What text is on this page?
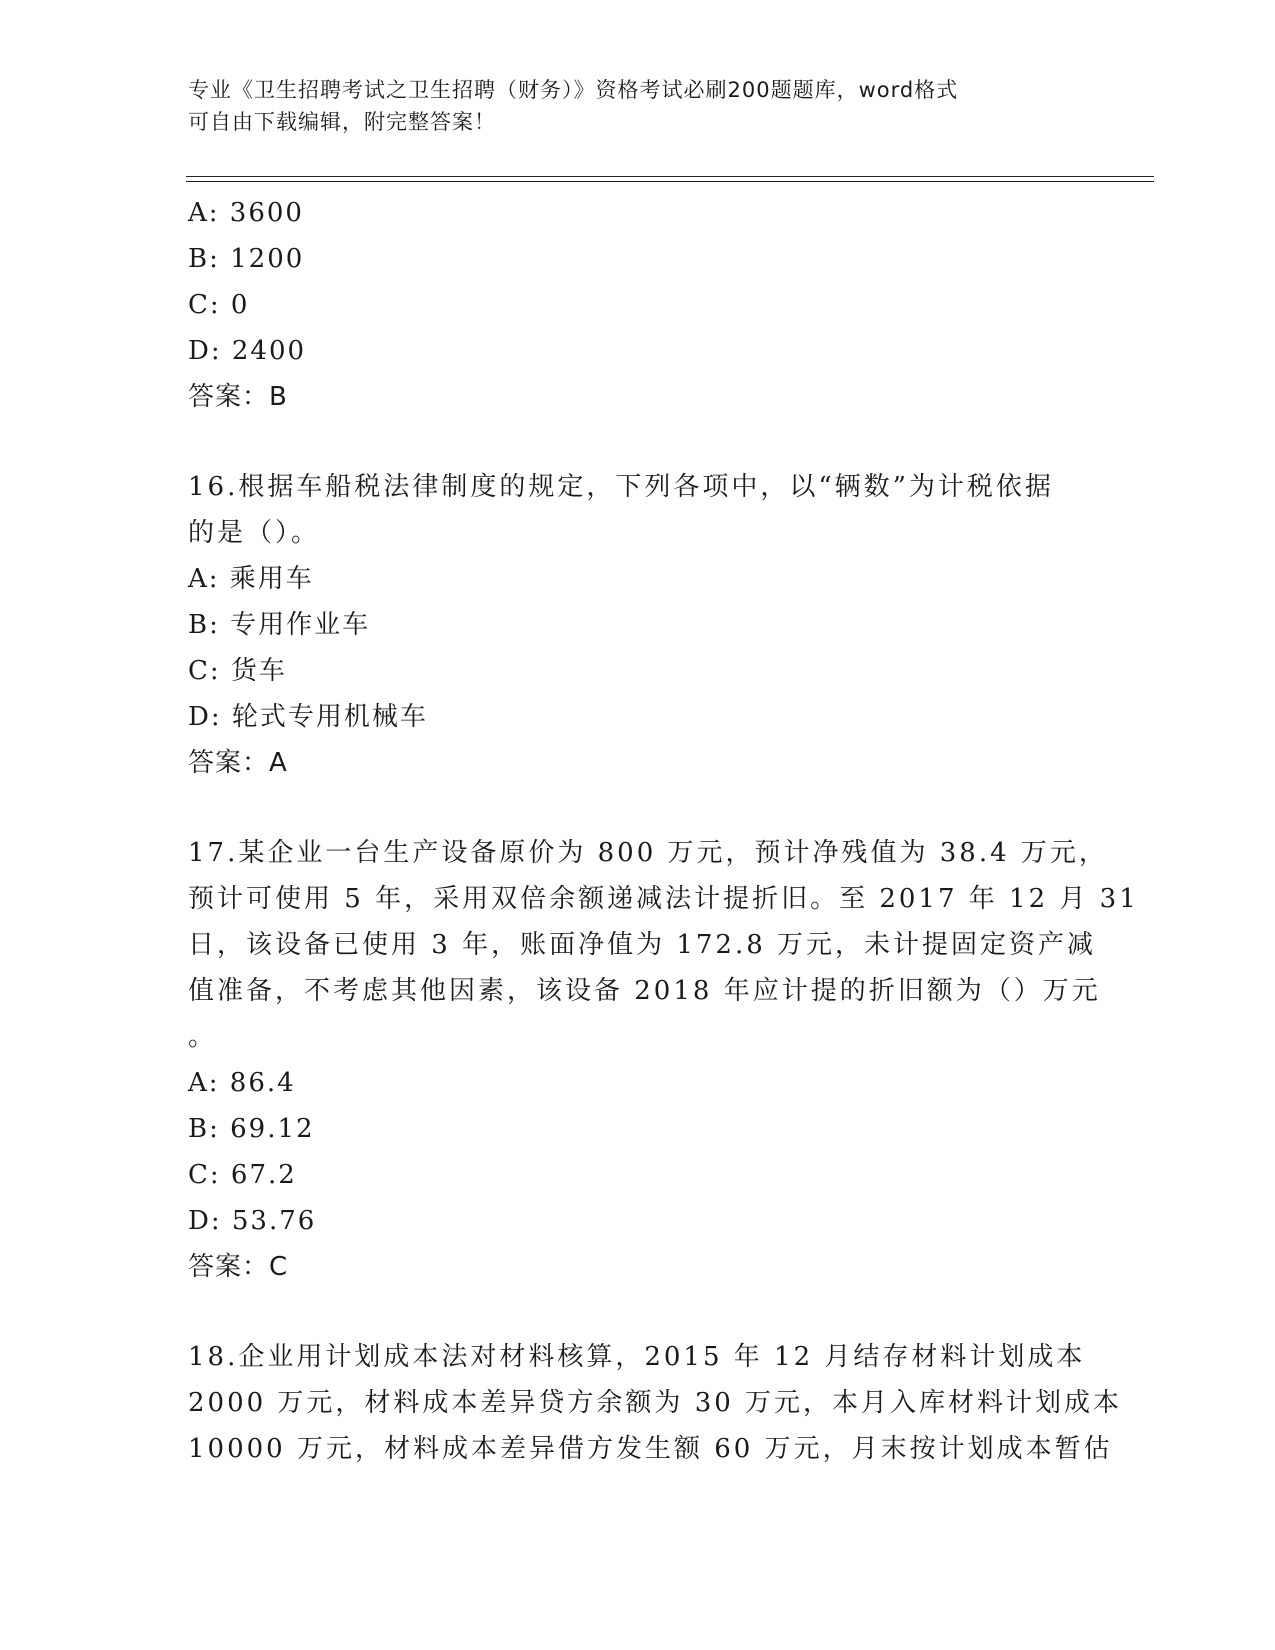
专业《卫生招聘考试之卫生招聘（财务）》资格考试必刷200题题库，word格式
可自由下载编辑，附完整答案！
A: 3600
B: 1200
C: 0
D: 2400
答案：B
16.根据车船税法律制度的规定，下列各项中，以“辆数”为计税依据
的是（）。
A: 乘用车
B: 专用作业车
C: 货车
D: 轮式专用机械车
答案：A
17.某企业一台生产设备原价为 800 万元，预计净残值为 38.4 万元，
预计可使用 5 年，采用双倍余额递减法计提折旧。至 2017 年 12 月 31
日，该设备已使用 3 年，账面净值为 172.8 万元，未计提固定资产减
值准备，不考虑其他因素，该设备 2018 年应计提的折旧额为（）万元
。
A: 86.4
B: 69.12
C: 67.2
D: 53.76
答案：C
18.企业用计划成本法对材料核算，2015 年 12 月结存材料计划成本
2000 万元，材料成本差异贷方余额为 30 万元，本月入库材料计划成本
10000 万元，材料成本差异借方发生额 60 万元，月末按计划成本暂估
